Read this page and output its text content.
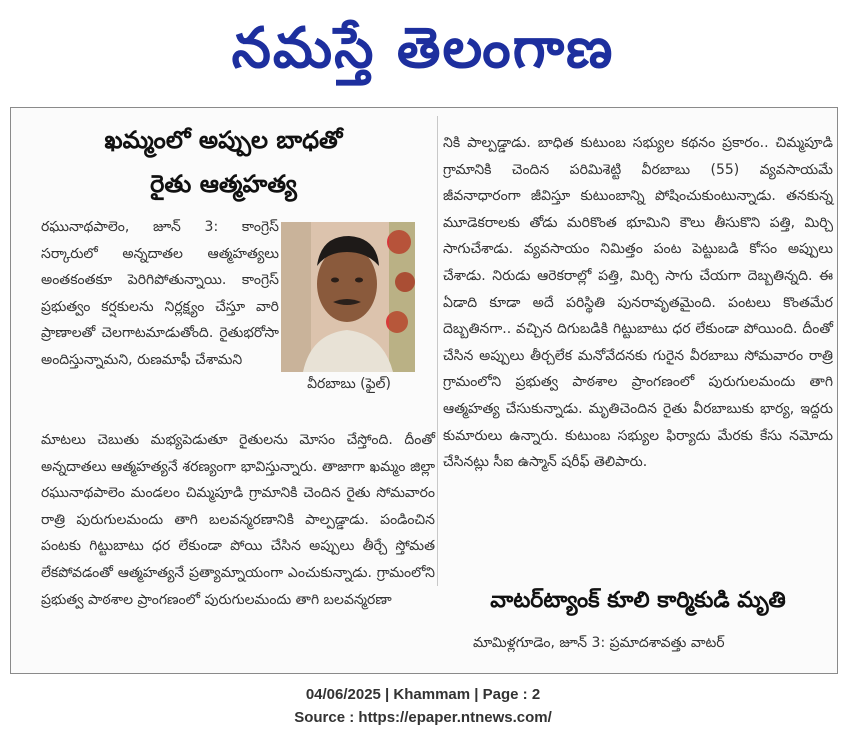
నమస్తే తెలంగాణ
ఖమ్మంలో అప్పుల బాధతో
రైతు ఆత్మహత్య
రఘునాథపాలెం, జూన్ 3: కాంగ్రెస్ సర్కారులో అన్నదాతల ఆత్మహత్యలు అంతకంతకూ పెరిగిపోతున్నాయి. కాంగ్రెస్ ప్రభుత్వం కర్షకులను నిర్లక్ష్యం చేస్తూ వారి ప్రాణాలతో చెలగాటమాడుతోంది. రైతుభరోసా అందిస్తున్నామని, రుణమాఫీ చేశామని
వీరబాబు (ఫైల్)
మాటలు చెబుతు మభ్యపెడుతూ రైతులను మోసం చేస్తోంది. దీంతో అన్నదాతలు ఆత్మహత్యనే శరణ్యంగా భావిస్తున్నారు. తాజాగా ఖమ్మం జిల్లా రఘునాథపాలెం మండలం చిమ్మపూడి గ్రామానికి చెందిన రైతు సోమవారం రాత్రి పురుగులమందు తాగి బలవన్మరణానికి పాల్పడ్డాడు. పండించిన పంటకు గిట్టుబాటు ధర లేకుండా పోయి చేసిన అప్పులు తీర్చే స్తోమత లేకపోవడంతో ఆత్మహత్యనే ప్రత్యామ్నాయంగా ఎంచుకున్నాడు. గ్రామంలోని ప్రభుత్వ పాఠశాల ప్రాంగణంలో పురుగులమందు తాగి బలవన్మరణా
నికి పాల్పడ్డాడు. బాధిత కుటుంబ సభ్యుల కథనం ప్రకారం.. చిమ్మపూడి గ్రామానికి చెందిన పరిమిశెట్టి వీరబాబు (55) వ్యవసాయమే జీవనాధారంగా జీవిస్తూ కుటుంబాన్ని పోషించుకుంటున్నాడు. తనకున్న మూడెకరాలకు తోడు మరికొంత భూమిని కౌలు తీసుకొని పత్తి, మిర్చి సాగుచేశాడు. వ్యవసాయం నిమిత్తం పంట పెట్టుబడి కోసం అప్పులు చేశాడు. నిరుడు ఆరెకరాల్లో పత్తి, మిర్చి సాగు చేయగా దెబ్బతిన్నది. ఈ ఏడాది కూడా అదే పరిస్థితి పునరావృతమైంది. పంటలు కొంతమేర దెబ్బతినగా.. వచ్చిన దిగుబడికి గిట్టుబాటు ధర లేకుండా పోయింది. దీంతో చేసిన అప్పులు తీర్చలేక మనోవేదనకు గురైన వీరబాబు సోమవారం రాత్రి గ్రామంలోని ప్రభుత్వ పాఠశాల ప్రాంగణంలో పురుగులమందు తాగి ఆత్మహత్య చేసుకున్నాడు. మృతిచెందిన రైతు వీరబాబుకు భార్య, ఇద్దరు కుమారులు ఉన్నారు. కుటుంబ సభ్యుల ఫిర్యాదు మేరకు కేసు నమోదు చేసినట్లు సీఐ ఉస్మాన్ షరీఫ్ తెలిపారు.
వాటర్‌ట్యాంక్ కూలి కార్మికుడి మృతి
మామిళ్లగూడెం, జూన్ 3: ప్రమాదశావత్తు వాటర్
04/06/2025 | Khammam | Page : 2
Source : https://epaper.ntnews.com/
